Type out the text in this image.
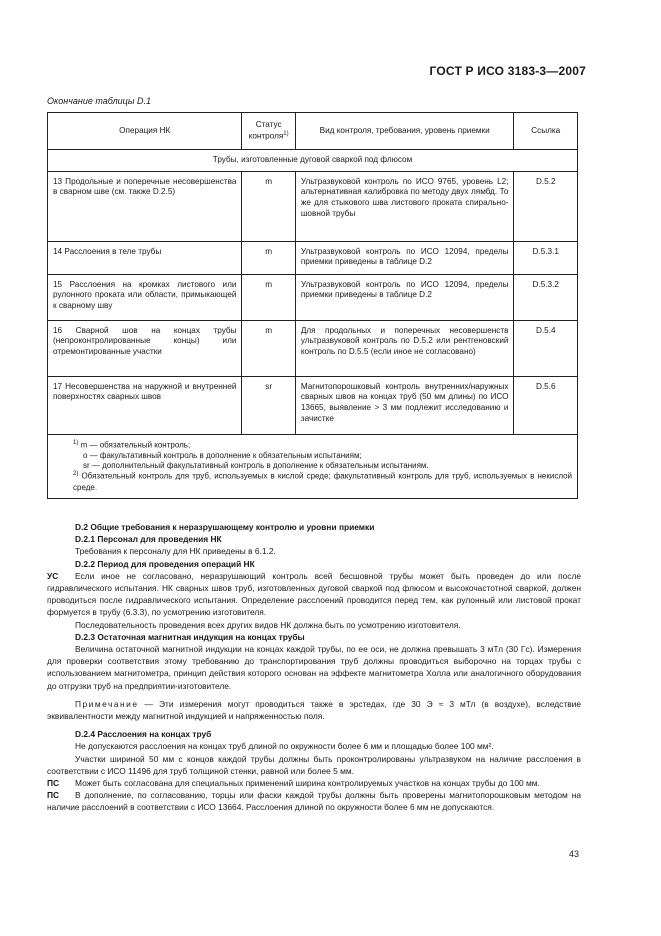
ГОСТ Р ИСО 3183-3—2007
Окончание таблицы D.1
Операция НК	Статус контроля$^{1)}$	Вид контроля, требования, уровень приемки	Ссылка
Трубы, изготовленные дуговой сваркой под флюсом			
13 Продольные и поперечные несовершенства в сварном шве (см. также D.2.5)	m	Ультразвуковой контроль по ИСО 9765, уровень L2; альтернативная калибровка по методу двух лямбд. То же для стыкового шва листового проката спирально-шовной трубы	D.5.2
14 Расслоения в теле трубы	m	Ультразвуковой контроль по ИСО 12094, пределы приемки приведены в таблице D.2	D.5.3.1
15 Расслоения на кромках листового или рулонного проката или области, примыкающей к сварному шву	m	Ультразвуковой контроль по ИСО 12094, пределы приемки приведены в таблице D.2	D.5.3.2
16 Сварной шов на концах трубы (непроконтролированные концы) или отремонтированные участки	m	Для продольных и поперечных несовершенств ультразвуковой контроль по D.5.2 или рентгеновский контроль по D.5.5 (если иное не согласовано)	D.5.4
17 Несовершенства на наружной и внутренней поверхностях сварных швов	sr	Магнитопорошковый контроль внутренних/наружных сварных швов на концах труб (50 мм длины) по ИСО 13665, выявление > 3 мм подлежит исследованию и зачистке	D.5.6

$^{1)}$ m — обязательный контроль;
о — факультативный контроль в дополнение к обязательным испытаниям;
sr — дополнительный факультативный контроль в дополнение к обязательным испытаниям.
$^{2)}$ Обязательный контроль для труб, используемых в кислой среде; факультативный контроль для труб, используемых в некислой среде.			

D.2 Общие требования к неразрушающему контролю и уровни приемки

D.2.1 Персонал для проведения НК

Требования к персоналу для НК приведены в 6.1.2.

D.2.2 Период для проведения операций НК

УС Если иное не согласовано, неразрушающий контроль всей бесшовной трубы может быть проведен до или после гидравлического испытания. НК сварных швов труб, изготовленных дуговой сваркой под флюсом и высокочастотной сваркой, должен проводиться после гидравлического испытания. Определение расслоений проводится перед тем, как рулонный или листовой прокат формуется в трубу (6.3.3), по усмотрению изготовителя.

Последовательность проведения всех других видов НК должна быть по усмотрению изготовителя.

D.2.3 Остаточная магнитная индукция на концах трубы

Величина остаточной магнитной индукции на концах каждой трубы, по ее оси, не должна превышать 3 мТл (30 Гс). Измерения для проверки соответствия этому требованию до транспортирования труб должны проводиться выборочно на торцах трубы с использованием магнитометра, принцип действия которого основан на эффекте магнитометра Холла или аналогичного оборудования до отгрузки труб на предприятии-изготовителе.

Примечание — Эти измерения могут проводиться также в эрстедах, где 30 Э ≈ 3 мТл (в воздухе), вследствие эквивалентности между магнитной индукцией и напряженностью поля.

D.2.4 Расслоения на концах труб

Не допускаются расслоения на концах труб длиной по окружности более 6 мм и площадью более 100 мм².

Участки шириной 50 мм с концов каждой трубы должны быть проконтролированы ультразвуком на наличие расслоения в соответствии с ИСО 11496 для труб толщиной стенки, равной или более 5 мм.

ПС Может быть согласована для специальных применений ширина контролируемых участков на концах трубы до 100 мм.

ПС В дополнение, по согласованию, торцы или фаски каждой трубы должны быть проверены магнитопорошковым методом на наличие расслоений в соответствии с ИСО 13664. Расслоения длиной по окружности более 6 мм не допускаются.

43
